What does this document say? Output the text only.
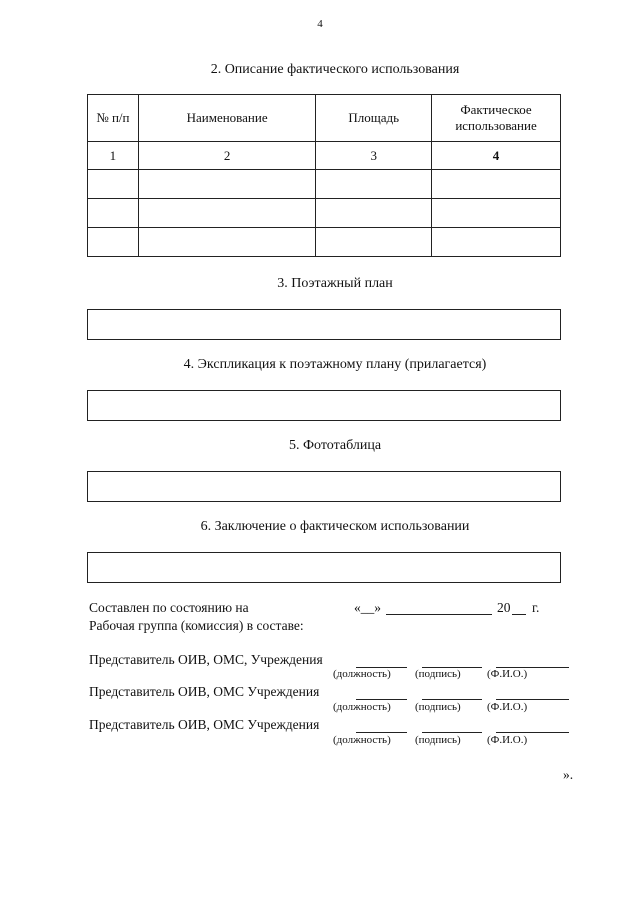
4
2. Описание фактического использования
№ п/п	Наименование	Площадь	Фактическое использование
1	2	3	4

3. Поэтажный план
4. Экспликация к поэтажному плану (прилагается)
5. Фототаблица
6. Заключение о фактическом использовании
Составлен по состоянию на	«__»	20 г.
Рабочая группа (комиссия) в составе:
Представитель ОИВ, ОМС, Учреждения
(должность) (подпись) (Ф.И.О.)
Представитель ОИВ, ОМС Учреждения
(должность) (подпись) (Ф.И.О.)
Представитель ОИВ, ОМС Учреждения
(должность) (подпись) (Ф.И.О.)
».
